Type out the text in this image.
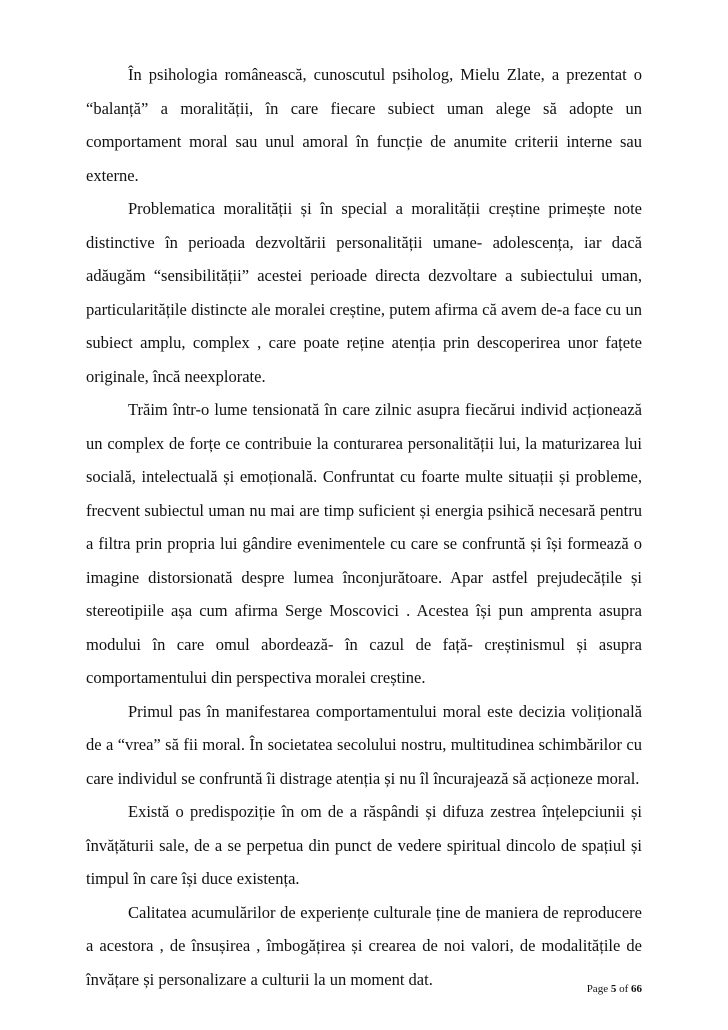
În psihologia românească, cunoscutul psiholog, Mielu Zlate, a prezentat o “balanță” a moralității, în care fiecare subiect uman alege să adopte un comportament moral sau unul amoral în funcție de anumite criterii interne sau externe.

Problematica moralității și în special a moralității creștine primește note distinctive în perioada dezvoltării personalității umane- adolescența, iar dacă adăugăm “sensibilității” acestei perioade directa dezvoltare a subiectului uman, particularitățile distincte ale moralei creștine, putem afirma că avem de-a face cu un subiect amplu, complex , care poate reține atenția prin descoperirea unor fațete originale, încă neexplorate.

Trăim într-o lume tensionată în care zilnic asupra fiecărui individ acționează un complex de forțe ce contribuie la conturarea personalității lui, la maturizarea lui socială, intelectuală și emoțională. Confruntat cu foarte multe situații și probleme, frecvent subiectul uman nu mai are timp suficient și energia psihică necesară pentru a filtra prin propria lui gândire evenimentele cu care se confruntă și își formează o imagine distorsionată despre lumea înconjurătoare. Apar astfel prejudecățile și stereotipiile așa cum afirma Serge Moscovici . Acestea își pun amprenta asupra modului în care omul abordează- în cazul de față- creștinismul și asupra comportamentului din perspectiva moralei creștine.

Primul pas în manifestarea comportamentului moral este decizia volițională de a “vrea” să fii moral. În societatea secolului nostru, multitudinea schimbărilor cu care individul se confruntă îi distrage atenția și nu îl încurajează să acționeze moral.

Există o predispoziție în om de a răspândi și difuza zestrea înțelepciunii și învățăturii sale, de a se perpetua din punct de vedere spiritual dincolo de spațiul și timpul în care își duce existența.

Calitatea acumulărilor de experiențe culturale ține de maniera de reproducere a acestora , de însușirea , îmbogățirea și crearea de noi valori, de modalitățile de învățare și personalizare a culturii la un moment dat.

Page 5 of 66
